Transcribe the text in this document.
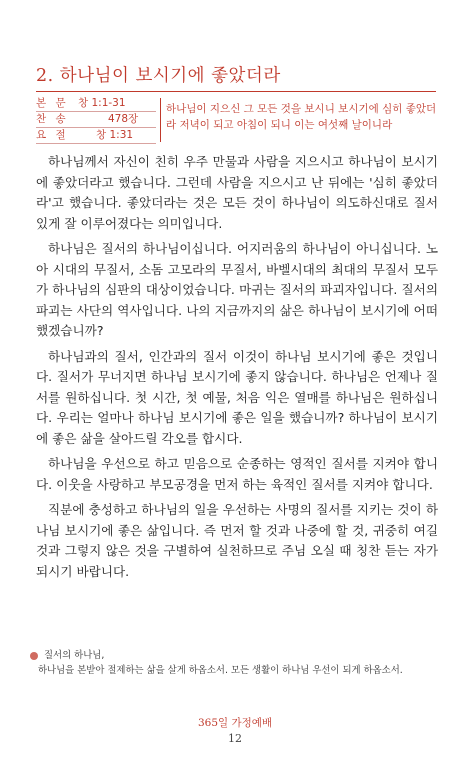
2. 하나님이 보시기에 좋았더라
본 문 창 1:1-31
찬 송	478장
요 절	창 1:31
하나님이 지으신 그 모든 것을 보시니 보시기에 심히 좋았더라 저녁이 되고 아침이 되니 이는 여섯째 날이니라

하나님께서 자신이 친히 우주 만물과 사람을 지으시고 하나님이 보시기에 좋았더라고 했습니다. 그런데 사람을 지으시고 난 뒤에는 '심히 좋았더라'고 했습니다. 좋았더라는 것은 모든 것이 하나님이 의도하신대로 질서 있게 잘 이루어졌다는 의미입니다.

하나님은 질서의 하나님이십니다. 어지러움의 하나님이 아니십니다. 노아 시대의 무질서, 소돔 고모라의 무질서, 바벨시대의 최대의 무질서 모두가 하나님의 심판의 대상이었습니다. 마귀는 질서의 파괴자입니다. 질서의 파괴는 사단의 역사입니다. 나의 지금까지의 삶은 하나님이 보시기에 어떠했겠습니까?

하나님과의 질서, 인간과의 질서 이것이 하나님 보시기에 좋은 것입니다. 질서가 무너지면 하나님 보시기에 좋지 않습니다. 하나님은 언제나 질서를 원하십니다. 첫 시간, 첫 예물, 처음 익은 열매를 하나님은 원하십니다. 우리는 얼마나 하나님 보시기에 좋은 일을 했습니까? 하나님이 보시기에 좋은 삶을 살아드릴 각오를 합시다.

하나님을 우선으로 하고 믿음으로 순종하는 영적인 질서를 지켜야 합니다. 이웃을 사랑하고 부모공경을 먼저 하는 육적인 질서를 지켜야 합니다.

직분에 충성하고 하나님의 일을 우선하는 사명의 질서를 지키는 것이 하나님 보시기에 좋은 삶입니다. 즉 먼저 할 것과 나중에 할 것, 귀중히 여길 것과 그렇지 않은 것을 구별하여 실천하므로 주님 오실 때 칭찬 듣는 자가 되시기 바랍니다.

질서의 하나님,
하나님을 본받아 절제하는 삶을 살게 하옵소서. 모든 생활이 하나님 우선이 되게 하옵소서.
365일 가정예배
12
